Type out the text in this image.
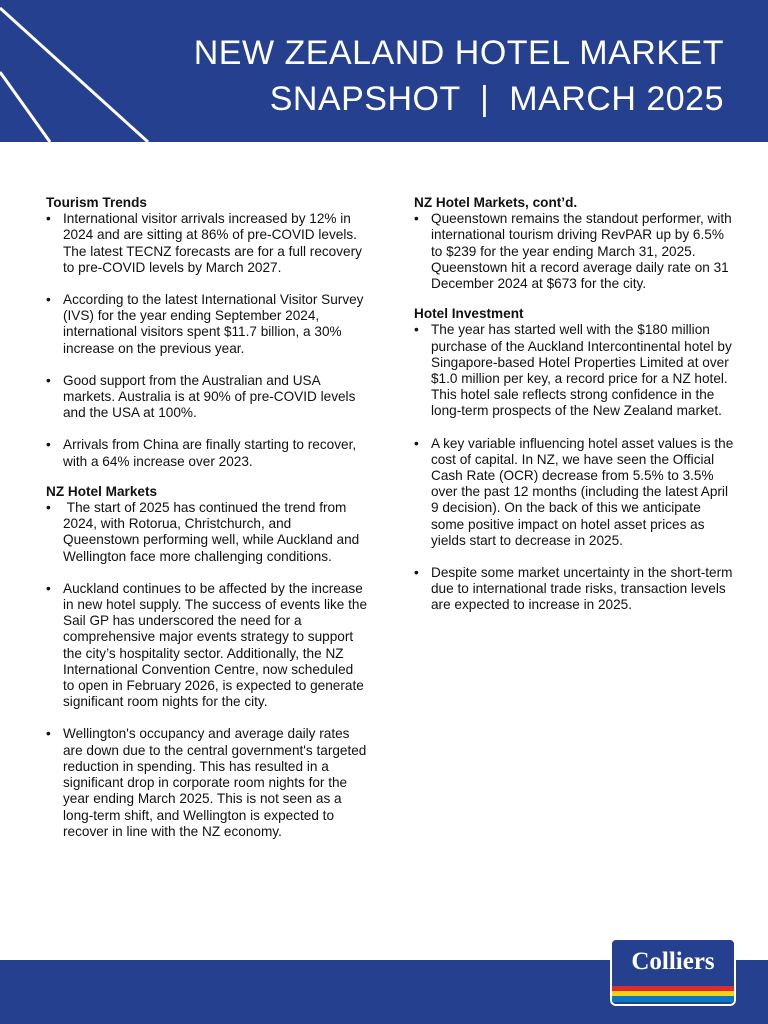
NEW ZEALAND HOTEL MARKET
SNAPSHOT  |  MARCH 2025

Tourism Trends

• International visitor arrivals increased by 12% in 2024 and are sitting at 86% of pre-COVID levels. The latest TECNZ forecasts are for a full recovery to pre-COVID levels by March 2027.
• According to the latest International Visitor Survey (IVS) for the year ending September 2024, international visitors spent $11.7 billion, a 30% increase on the previous year.
• Good support from the Australian and USA markets. Australia is at 90% of pre-COVID levels and the USA at 100%.
• Arrivals from China are finally starting to recover, with a 64% increase over 2023.

NZ Hotel Markets

• The start of 2025 has continued the trend from 2024, with Rotorua, Christchurch, and Queenstown performing well, while Auckland and Wellington face more challenging conditions.
• Auckland continues to be affected by the increase in new hotel supply. The success of events like the Sail GP has underscored the need for a comprehensive major events strategy to support the city’s hospitality sector. Additionally, the NZ International Convention Centre, now scheduled to open in February 2026, is expected to generate significant room nights for the city.
• Wellington's occupancy and average daily rates are down due to the central government's targeted reduction in spending. This has resulted in a significant drop in corporate room nights for the year ending March 2025. This is not seen as a long-term shift, and Wellington is expected to recover in line with the NZ economy.

NZ Hotel Markets, cont’d.

• Queenstown remains the standout performer, with international tourism driving RevPAR up by 6.5% to $239 for the year ending March 31, 2025. Queenstown hit a record average daily rate on 31 December 2024 at $673 for the city.

Hotel Investment

• The year has started well with the $180 million purchase of the Auckland Intercontinental hotel by Singapore-based Hotel Properties Limited at over $1.0 million per key, a record price for a NZ hotel. This hotel sale reflects strong confidence in the long-term prospects of the New Zealand market.
• A key variable influencing hotel asset values is the cost of capital. In NZ, we have seen the Official Cash Rate (OCR) decrease from 5.5% to 3.5% over the past 12 months (including the latest April 9 decision). On the back of this we anticipate some positive impact on hotel asset prices as yields start to decrease in 2025.
• Despite some market uncertainty in the short-term due to international trade risks, transaction levels are expected to increase in 2025.
Colliers
